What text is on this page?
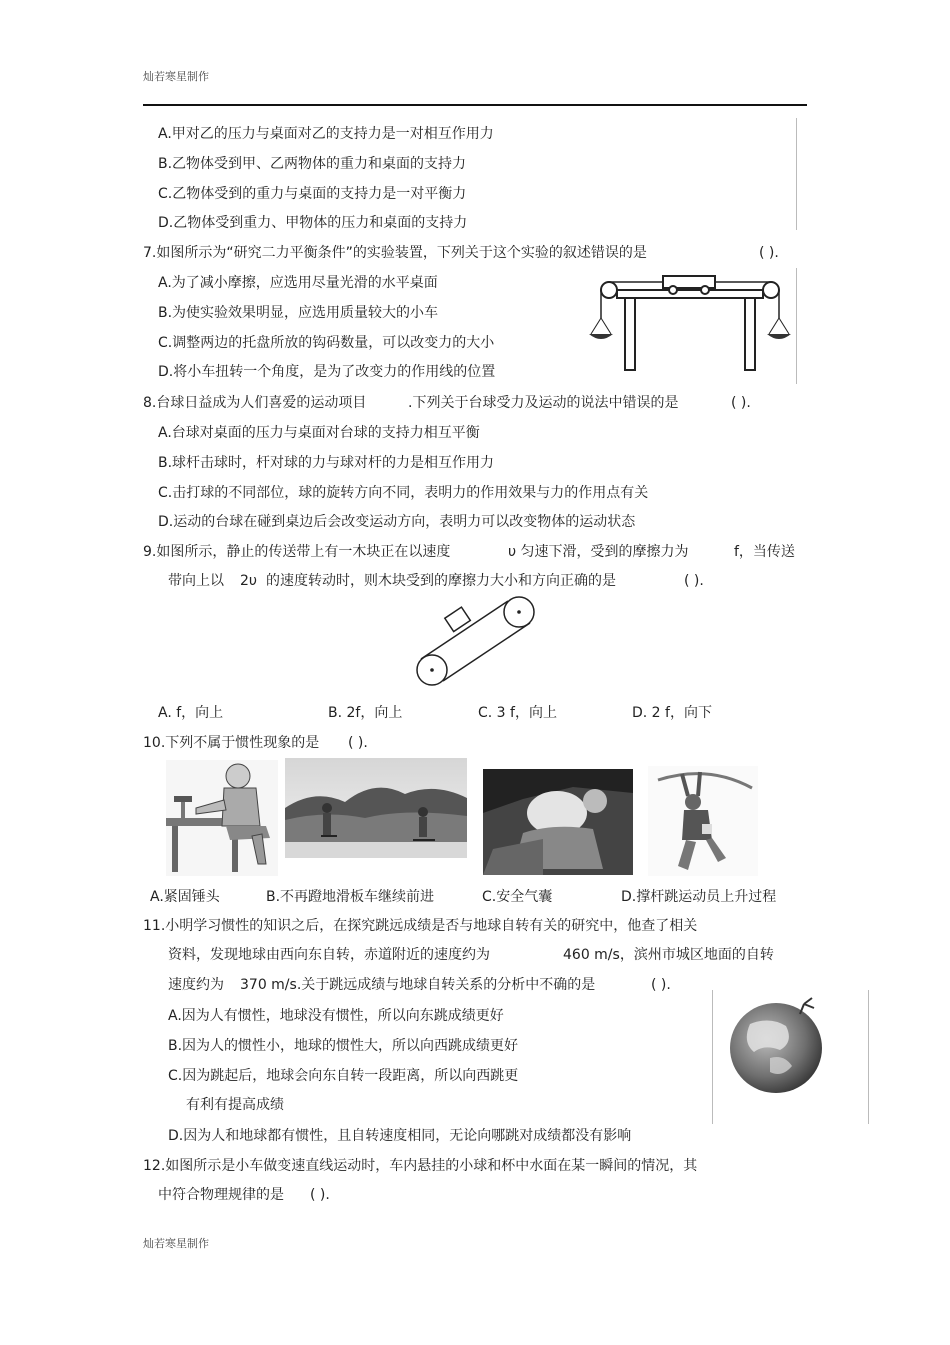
灿若寒星制作
A.甲对乙的压力与桌面对乙的支持力是一对相互作用力
B.乙物体受到甲、乙两物体的重力和桌面的支持力
C.乙物体受到的重力与桌面的支持力是一对平衡力
D.乙物体受到重力、甲物体的压力和桌面的支持力
7.如图所示为“研究二力平衡条件”的实验装置，下列关于这个实验的叙述错误的是	( ).
A.为了减小摩擦，应选用尽量光滑的水平桌面
B.为使实验效果明显，应选用质量较大的小车
C.调整两边的托盘所放的钩码数量，可以改变力的大小
D.将小车扭转一个角度，是为了改变力的作用线的位置
8.台球日益成为人们喜爱的运动项目	.下列关于台球受力及运动的说法中错误的是	( ).
A.台球对桌面的压力与桌面对台球的支持力相互平衡
B.球杆击球时，杆对球的力与球对杆的力是相互作用力
C.击打球的不同部位，球的旋转方向不同，表明力的作用效果与力的作用点有关
D.运动的台球在碰到桌边后会改变运动方向，表明力可以改变物体的运动状态
9.如图所示，静止的传送带上有一木块正在以速度	υ 匀速下滑，受到的摩擦力为	f，当传送
带向上以 2υ 的速度转动时，则木块受到的摩擦力大小和方向正确的是	( ).
A. f，向上	B. 2f，向上	C. 3 f，向上	D. 2 f，向下
10.下列不属于惯性现象的是 ( ).
A.紧固锤头	B.不再蹬地滑板车继续前进	C.安全气囊	D.撑杆跳运动员上升过程
11.小明学习惯性的知识之后，在探究跳远成绩是否与地球自转有关的研究中，他查了相关
资料，发现地球由西向东自转，赤道附近的速度约为	460 m/s，滨州市城区地面的自转
速度约为 370 m/s.关于跳远成绩与地球自转关系的分析中不确的是	( ).
A.因为人有惯性，地球没有惯性，所以向东跳成绩更好
B.因为人的惯性小，地球的惯性大，所以向西跳成绩更好
C.因为跳起后，地球会向东自转一段距离，所以向西跳更
有利有提高成绩
D.因为人和地球都有惯性，且自转速度相同，无论向哪跳对成绩都没有影响
12.如图所示是小车做变速直线运动时，车内悬挂的小球和杯中水面在某一瞬间的情况，其
中符合物理规律的是 ( ).
灿若寒星制作
